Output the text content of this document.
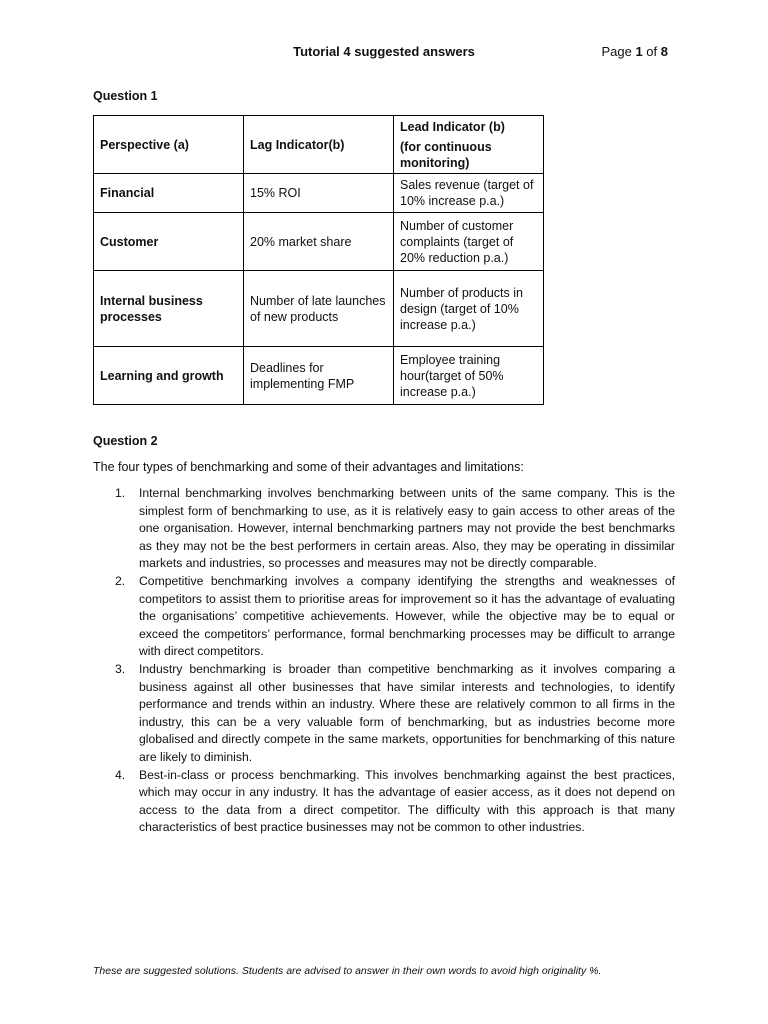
Tutorial 4 suggested answers	Page 1 of 8
Question 1
Perspective (a)	Lag Indicator(b)	Lead Indicator (b)
(for continuous monitoring)

Financial	15% ROI	Sales revenue (target of 10% increase p.a.)
Customer	20% market share	Number of customer complaints (target of 20% reduction p.a.)
Internal business processes	Number of late launches of new products	Number of products in design (target of 10% increase p.a.)
Learning and growth	Deadlines for implementing FMP	Employee training hour(target of 50% increase p.a.)
Question 2
The four types of benchmarking and some of their advantages and limitations:
1. Internal benchmarking involves benchmarking between units of the same company. This is the simplest form of benchmarking to use, as it is relatively easy to gain access to other areas of the one organisation. However, internal benchmarking partners may not provide the best benchmarks as they may not be the best performers in certain areas. Also, they may be operating in dissimilar markets and industries, so processes and measures may not be directly comparable.
2. Competitive benchmarking involves a company identifying the strengths and weaknesses of competitors to assist them to prioritise areas for improvement so it has the advantage of evaluating the organisations’ competitive achievements. However, while the objective may be to equal or exceed the competitors’ performance, formal benchmarking processes may be difficult to arrange with direct competitors.
3. Industry benchmarking is broader than competitive benchmarking as it involves comparing a business against all other businesses that have similar interests and technologies, to identify performance and trends within an industry. Where these are relatively common to all firms in the industry, this can be a very valuable form of benchmarking, but as industries become more globalised and directly compete in the same markets, opportunities for benchmarking of this nature are likely to diminish.
4. Best-in-class or process benchmarking. This involves benchmarking against the best practices, which may occur in any industry. It has the advantage of easier access, as it does not depend on access to the data from a direct competitor. The difficulty with this approach is that many characteristics of best practice businesses may not be common to other industries.
These are suggested solutions. Students are advised to answer in their own words to avoid high originality %.
